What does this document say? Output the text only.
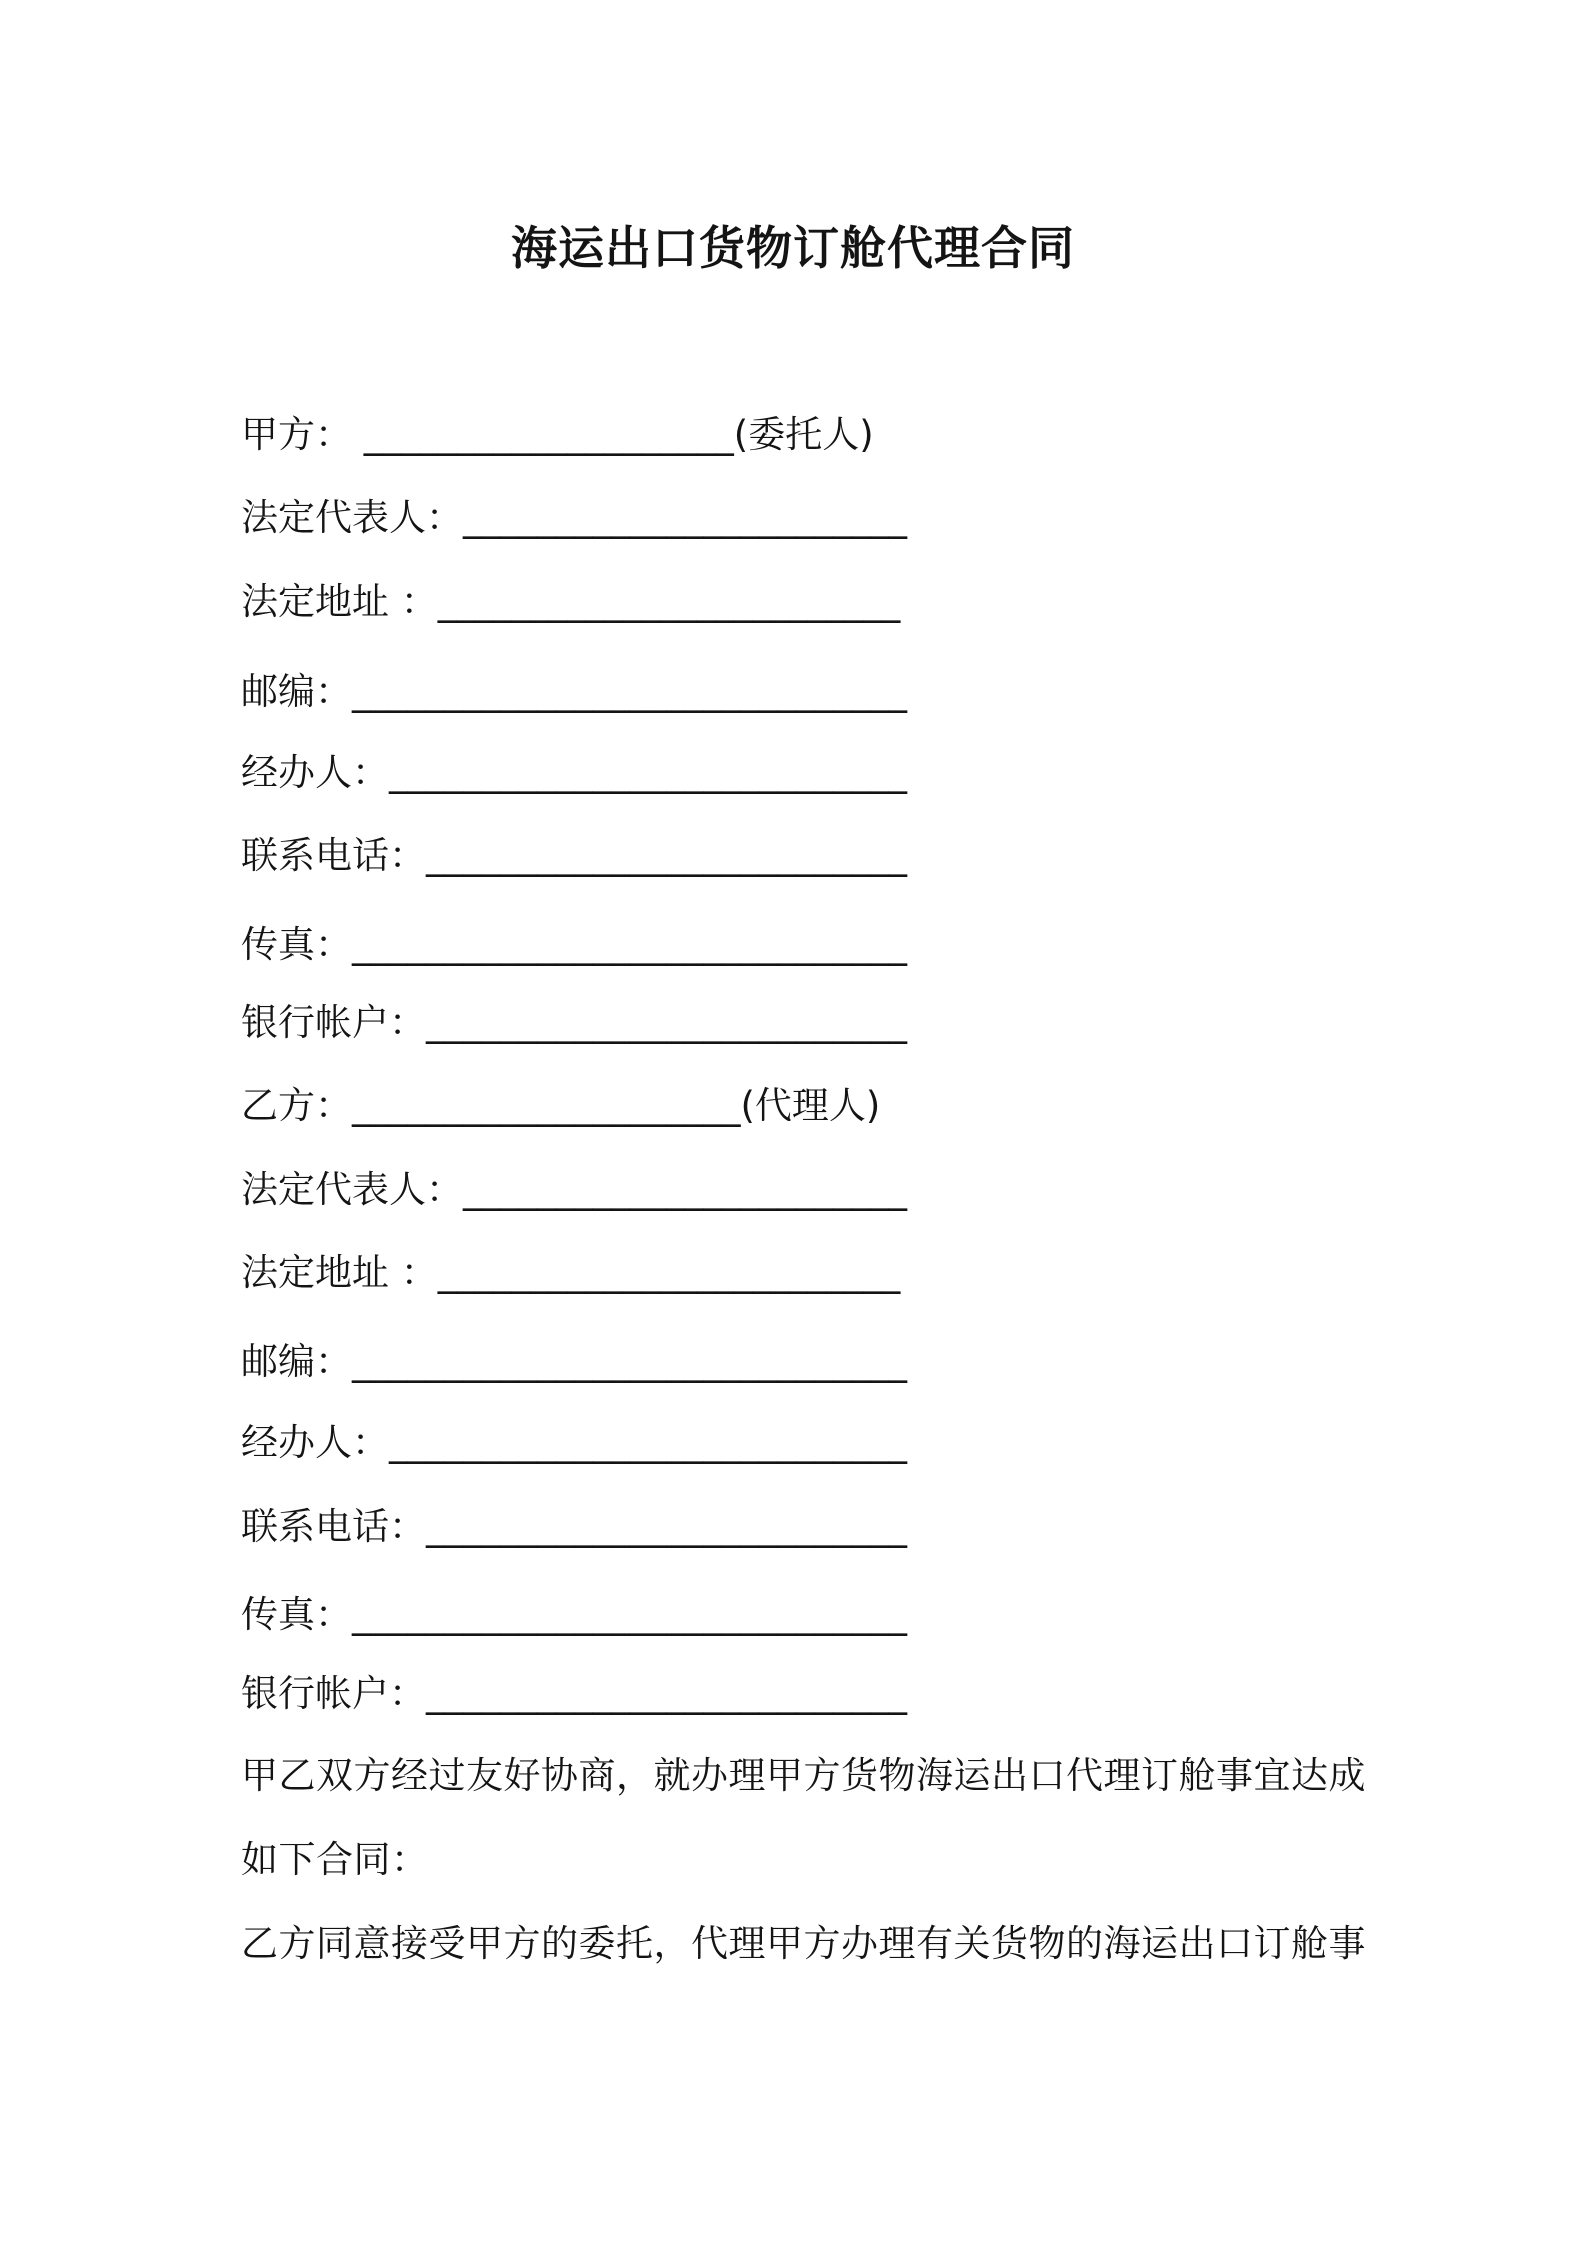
海运出口货物订舱代理合同
甲方： ____________________(委托人)
法定代表人：________________________
法定地址 ：_________________________
邮编：______________________________
经办人：____________________________
联系电话：__________________________
传真：______________________________
银行帐户：__________________________
乙方：_____________________(代理人)
法定代表人：________________________
法定地址 ：_________________________
邮编：______________________________
经办人：____________________________
联系电话：__________________________
传真：______________________________
银行帐户：__________________________
甲乙双方经过友好协商，就办理甲方货物海运出口代理订舱事宜达成
如下合同：
乙方同意接受甲方的委托，代理甲方办理有关货物的海运出口订舱事
